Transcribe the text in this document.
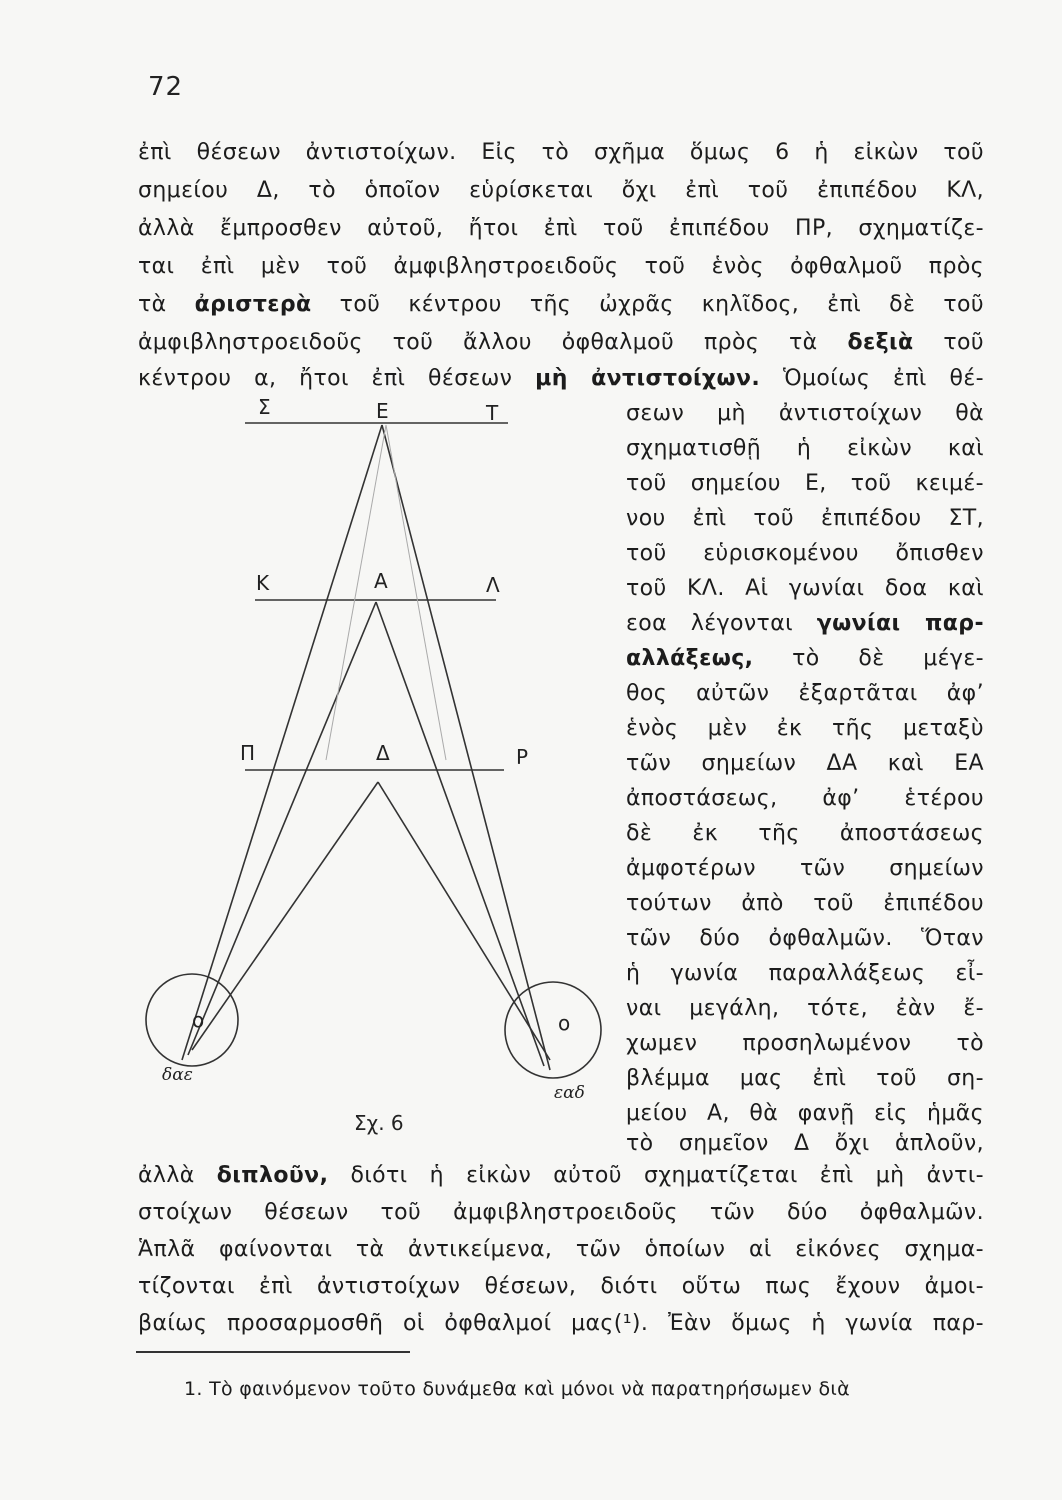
72
ἐπὶ θέσεων ἀντιστοίχων. Εἰς τὸ σχῆμα ὅμως 6 ἡ εἰκὼν τοῦ
σημείου Δ, τὸ ὁποῖον εὑρίσκεται ὄχι ἐπὶ τοῦ ἐπιπέδου ΚΛ,
ἀλλὰ ἔμπροσθεν αὐτοῦ, ἤτοι ἐπὶ τοῦ ἐπιπέδου ΠΡ, σχηματίζε-
ται ἐπὶ μὲν τοῦ ἀμφιβληστροειδοῦς τοῦ ἑνὸς ὀφθαλμοῦ πρὸς
τὰ ἀριστερὰ τοῦ κέντρου τῆς ὠχρᾶς κηλῖδος, ἐπὶ δὲ τοῦ
ἀμφιβληστροειδοῦς τοῦ ἄλλου ὀφθαλμοῦ πρὸς τὰ δεξιὰ τοῦ
κέντρου α, ἤτοι ἐπὶ θέσεων μὴ ἀντιστοίχων. Ὁμοίως ἐπὶ θέ-
Σ	Ε	Τ
Κ	Α	Λ
Π	Δ	Ρ
ο	ο
δαε
εαδ
Σχ. 6
σεων μὴ ἀντιστοίχων θὰ
σχηματισθῇ ἡ εἰκὼν καὶ
τοῦ σημείου Ε, τοῦ κειμέ-
νου ἐπὶ τοῦ ἐπιπέδου ΣΤ,
τοῦ εὑρισκομένου ὄπισθεν
τοῦ ΚΛ. Αἱ γωνίαι δοα καὶ
εοα λέγονται γωνίαι παρ-
αλλάξεως, τὸ δὲ μέγε-
θος αὐτῶν ἐξαρτᾶται ἀφ’
ἑνὸς μὲν ἐκ τῆς μεταξὺ
τῶν σημείων ΔΑ καὶ ΕΑ
ἀποστάσεως, ἀφ’ ἑτέρου
δὲ ἐκ τῆς ἀποστάσεως
ἀμφοτέρων τῶν σημείων
τούτων ἀπὸ τοῦ ἐπιπέδου
τῶν δύο ὀφθαλμῶν. Ὅταν
ἡ γωνία παραλλάξεως εἶ-
ναι μεγάλη, τότε, ἐὰν ἔ-
χωμεν προσηλωμένον τὸ
βλέμμα μας ἐπὶ τοῦ ση-
μείου Α, θὰ φανῇ εἰς ἡμᾶς
τὸ σημεῖον Δ ὄχι ἁπλοῦν,
ἀλλὰ διπλοῦν, διότι ἡ εἰκὼν αὐτοῦ σχηματίζεται ἐπὶ μὴ ἀντι-
στοίχων θέσεων τοῦ ἀμφιβληστροειδοῦς τῶν δύο ὀφθαλμῶν.
Ἁπλᾶ φαίνονται τὰ ἀντικείμενα, τῶν ὁποίων αἱ εἰκόνες σχημα-
τίζονται ἐπὶ ἀντιστοίχων θέσεων, διότι οὕτω πως ἔχουν ἀμοι-
βαίως προσαρμοσθῆ οἱ ὀφθαλμοί μας(¹). Ἐὰν ὅμως ἡ γωνία παρ-
1. Τὸ φαινόμενον τοῦτο δυνάμεθα καὶ μόνοι νὰ παρατηρήσωμεν διὰ
